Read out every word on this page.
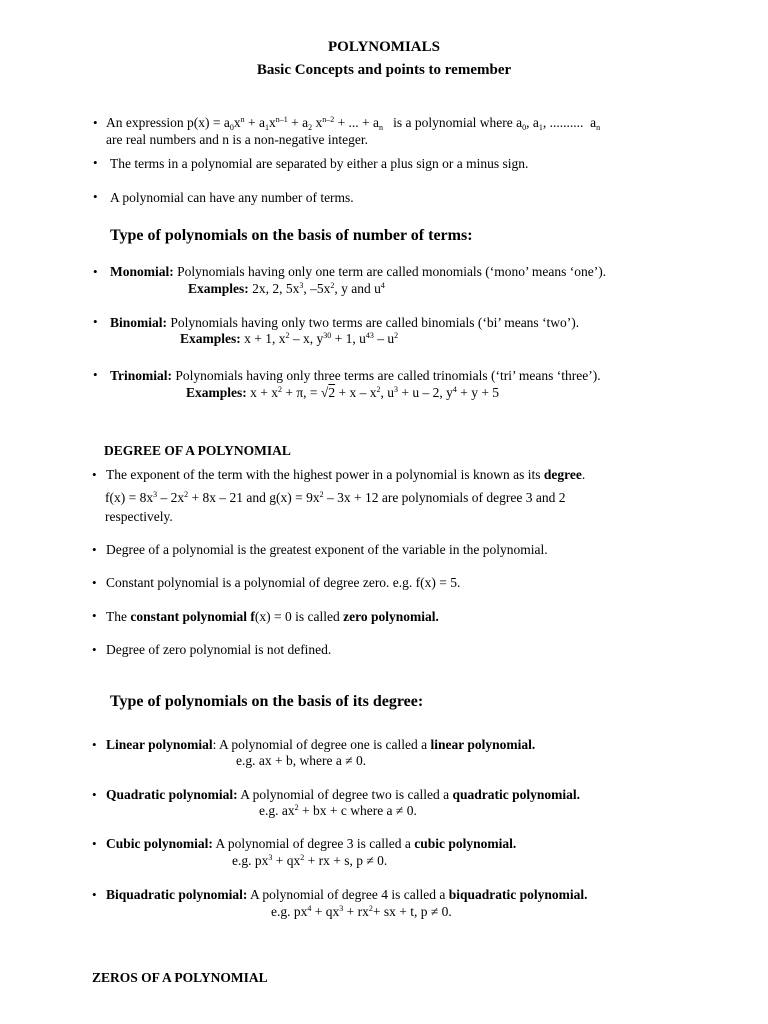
POLYNOMIALS
Basic Concepts and points to remember
• An expression $p(x) = a_0x^n + a_1x^{n-1} + a_2$ $x^{n-2}$ + ... + $a_n$ is a polynomial where $a_0$, $a_1$, ..........  $a_n$
are real numbers and n is a non-negative integer.
• The terms in a polynomial are separated by either a plus sign or a minus sign.
• A polynomial can have any number of terms.
Type of polynomials on the basis of number of terms:
• Monomial: Polynomials having only one term are called monomials (‘mono’ means ‘one’).
Examples: 2x, 2, $5x^3$, $-5x^2$, y and $u^4$
• Binomial: Polynomials having only two terms are called binomials (‘bi’ means ‘two’).
Examples: x + 1, $x^2$ – x, $y^{30} + 1$, $u^{43} - u^2$
• Trinomial: Polynomials having only three terms are called trinomials (‘tri’ means ‘three’).
Examples: $x + x^2 + \pi$, = $√2 + x - x^2$, $u^3 + u - 2$, $y^4 + y + 5$
DEGREE OF A POLYNOMIAL
• The exponent of the term with the highest power in a polynomial is known as its degree.
$f(x) = 8x^3 - 2x^2 + 8x - 21$ and $g(x) = 9x^2 - 3x + 12$ are polynomials of degree 3 and 2
respectively.
• Degree of a polynomial is the greatest exponent of the variable in the polynomial.
• Constant polynomial is a polynomial of degree zero. e.g. f(x) = 5.
• The constant polynomial f(x) = 0 is called zero polynomial.
• Degree of zero polynomial is not defined.
Type of polynomials on the basis of its degree:
• Linear polynomial: A polynomial of degree one is called a linear polynomial.
e.g. ax + b, where a ≠ 0.
• Quadratic polynomial: A polynomial of degree two is called a quadratic polynomial.
e.g. $ax^2$ + bx + c where a ≠ 0.
• Cubic polynomial: A polynomial of degree 3 is called a cubic polynomial.
e.g. $px^3 + qx^2$ + rx + s, p ≠ 0.
• Biquadratic polynomial: A polynomial of degree 4 is called a biquadratic polynomial.
e.g. $px^4 + qx^3 + rx^2+$ sx + t, p ≠ 0.
ZEROS OF A POLYNOMIAL
